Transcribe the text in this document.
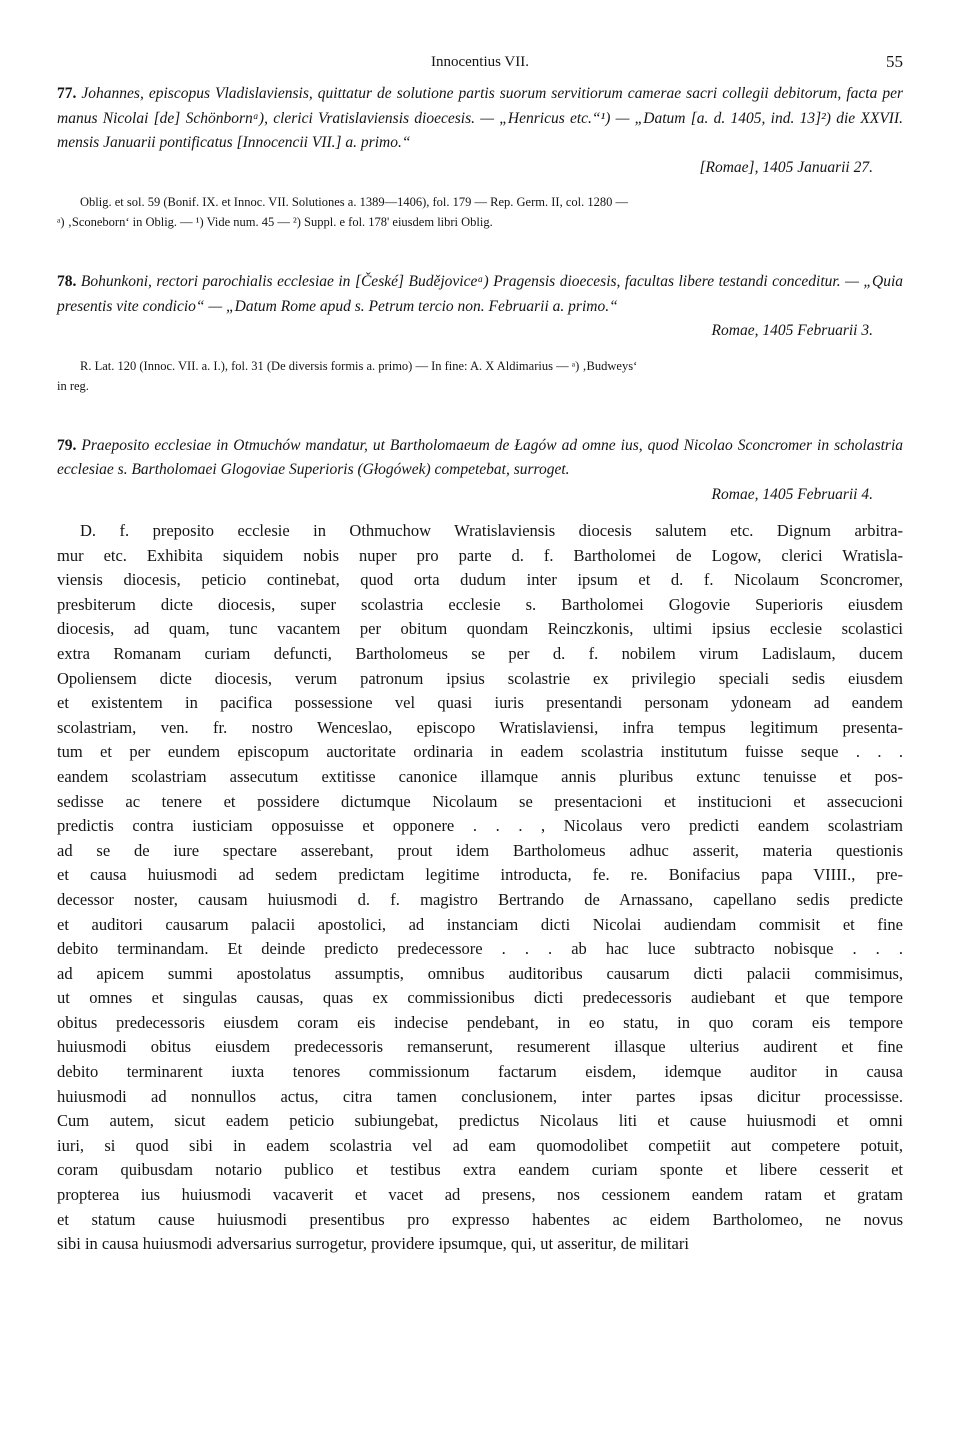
Innocentius VII.	55
77. Johannes, episcopus Vladislaviensis, quittatur de solutione partis suorum servitiorum camerae sacri collegii debitorum, facta per manus Nicolai [de] Schönbornᵃ), clerici Vratislaviensis dioecesis. — „Henricus etc.“¹) — „Datum [a. d. 1405, ind. 13]²) die XXVII. mensis Januarii pontificatus [Innocencii VII.] a. primo.“
[Romae], 1405 Januarii 27.
Oblig. et sol. 59 (Bonif. IX. et Innoc. VII. Solutiones a. 1389—1406), fol. 179 — Rep. Germ. II, col. 1280 —
ᵃ) ‚Sconeborn‘ in Oblig. — ¹) Vide num. 45 — ²) Suppl. e fol. 178' eiusdem libri Oblig.
78. Bohunkoni, rectori parochialis ecclesiae in [České] Budějoviceᵃ) Pragensis dioecesis, facultas libere testandi conceditur. — „Quia presentis vite condicio“ — „Datum Rome apud s. Petrum tercio non. Februarii a. primo.“
Romae, 1405 Februarii 3.
R. Lat. 120 (Innoc. VII. a. I.), fol. 31 (De diversis formis a. primo) — In fine: A. X Aldimarius — ᵃ) ‚Budweys‘
in reg.
79. Praeposito ecclesiae in Otmuchów mandatur, ut Bartholomaeum de Łagów ad omne ius, quod Nicolao Sconcromer in scholastria ecclesiae s. Bartholomaei Glogoviae Superioris (Głogówek) competebat, surroget.
Romae, 1405 Februarii 4.
D. f. preposito ecclesie in Othmuchow Wratislaviensis diocesis salutem etc. Dignum arbitra-
mur etc. Exhibita siquidem nobis nuper pro parte d. f. Bartholomei de Logow, clerici Wratisla-
viensis diocesis, peticio continebat, quod orta dudum inter ipsum et d. f. Nicolaum Sconcromer,
presbiterum dicte diocesis, super scolastria ecclesie s. Bartholomei Glogovie Superioris eiusdem
diocesis, ad quam, tunc vacantem per obitum quondam Reinczkonis, ultimi ipsius ecclesie scolastici
extra Romanam curiam defuncti, Bartholomeus se per d. f. nobilem virum Ladislaum, ducem
Opoliensem dicte diocesis, verum patronum ipsius scolastrie ex privilegio speciali sedis eiusdem
et existentem in pacifica possessione vel quasi iuris presentandi personam ydoneam ad eandem
scolastriam, ven. fr. nostro Wenceslao, episcopo Wratislaviensi, infra tempus legitimum presenta-
tum et per eundem episcopum auctoritate ordinaria in eadem scolastria institutum fuisse seque . . .
eandem scolastriam assecutum extitisse canonice illamque annis pluribus extunc tenuisse et pos-
sedisse ac tenere et possidere dictumque Nicolaum se presentacioni et institucioni et assecucioni
predictis contra iusticiam opposuisse et opponere . . . , Nicolaus vero predicti eandem scolastriam
ad se de iure spectare asserebant, prout idem Bartholomeus adhuc asserit, materia questionis
et causa huiusmodi ad sedem predictam legitime introducta, fe. re. Bonifacius papa VIIII., pre-
decessor noster, causam huiusmodi d. f. magistro Bertrando de Arnassano, capellano sedis predicte
et auditori causarum palacii apostolici, ad instanciam dicti Nicolai audiendam commisit et fine
debito terminandam. Et deinde predicto predecessore . . . ab hac luce subtracto nobisque . . .
ad apicem summi apostolatus assumptis, omnibus auditoribus causarum dicti palacii commisimus,
ut omnes et singulas causas, quas ex commissionibus dicti predecessoris audiebant et que tempore
obitus predecessoris eiusdem coram eis indecise pendebant, in eo statu, in quo coram eis tempore
huiusmodi obitus eiusdem predecessoris remanserunt, resumerent illasque ulterius audirent et fine
debito terminarent iuxta tenores commissionum factarum eisdem, idemque auditor in causa
huiusmodi ad nonnullos actus, citra tamen conclusionem, inter partes ipsas dicitur processisse.
Cum autem, sicut eadem peticio subiungebat, predictus Nicolaus liti et cause huiusmodi et omni
iuri, si quod sibi in eadem scolastria vel ad eam quomodolibet competiit aut competere potuit,
coram quibusdam notario publico et testibus extra eandem curiam sponte et libere cesserit et
propterea ius huiusmodi vacaverit et vacet ad presens, nos cessionem eandem ratam et gratam
et statum cause huiusmodi presentibus pro expresso habentes ac eidem Bartholomeo, ne novus
sibi in causa huiusmodi adversarius surrogetur, providere ipsumque, qui, ut asseritur, de militari
